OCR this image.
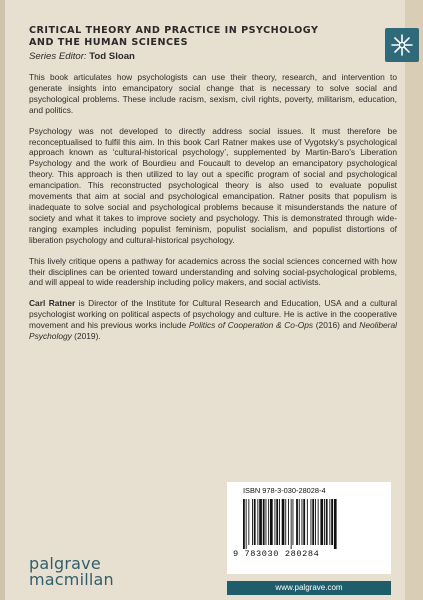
CRITICAL THEORY AND PRACTICE IN PSYCHOLOGY
AND THE HUMAN SCIENCES
Series Editor: Tod Sloan

This book articulates how psychologists can use their theory, research, and intervention to generate insights into emancipatory social change that is necessary to solve social and psychological problems. These include racism, sexism, civil rights, poverty, militarism, education, and politics.

Psychology was not developed to directly address social issues. It must therefore be reconceptualised to fulfil this aim. In this book Carl Ratner makes use of Vygotsky’s psychological approach known as ‘cultural-historical psychology’, supplemented by Martin-Baro’s Liberation Psychology and the work of Bourdieu and Foucault to develop an emancipatory psychological theory. This approach is then utilized to lay out a specific program of social and psychological emancipation. This reconstructed psychological theory is also used to evaluate populist movements that aim at social and psychological emancipation. Ratner posits that populism is inadequate to solve social and psychological problems because it misunderstands the nature of society and what it takes to improve society and psychology. This is demonstrated through wide-ranging examples including populist feminism, populist socialism, and populist distortions of liberation psychology and cultural-historical psychology.

This lively critique opens a pathway for academics across the social sciences concerned with how their disciplines can be oriented toward understanding and solving social-psychological problems, and will appeal to wide readership including policy makers, and social activists.

Carl Ratner is Director of the Institute for Cultural Research and Education, USA and a cultural psychologist working on political aspects of psychology and culture. He is active in the cooperative movement and his previous works include Politics of Cooperation & Co-Ops (2016) and Neoliberal Psychology (2019).

palgrave
macmillan
ISBN 978-3-030-28028-4
9 783030 280284
www.palgrave.com
